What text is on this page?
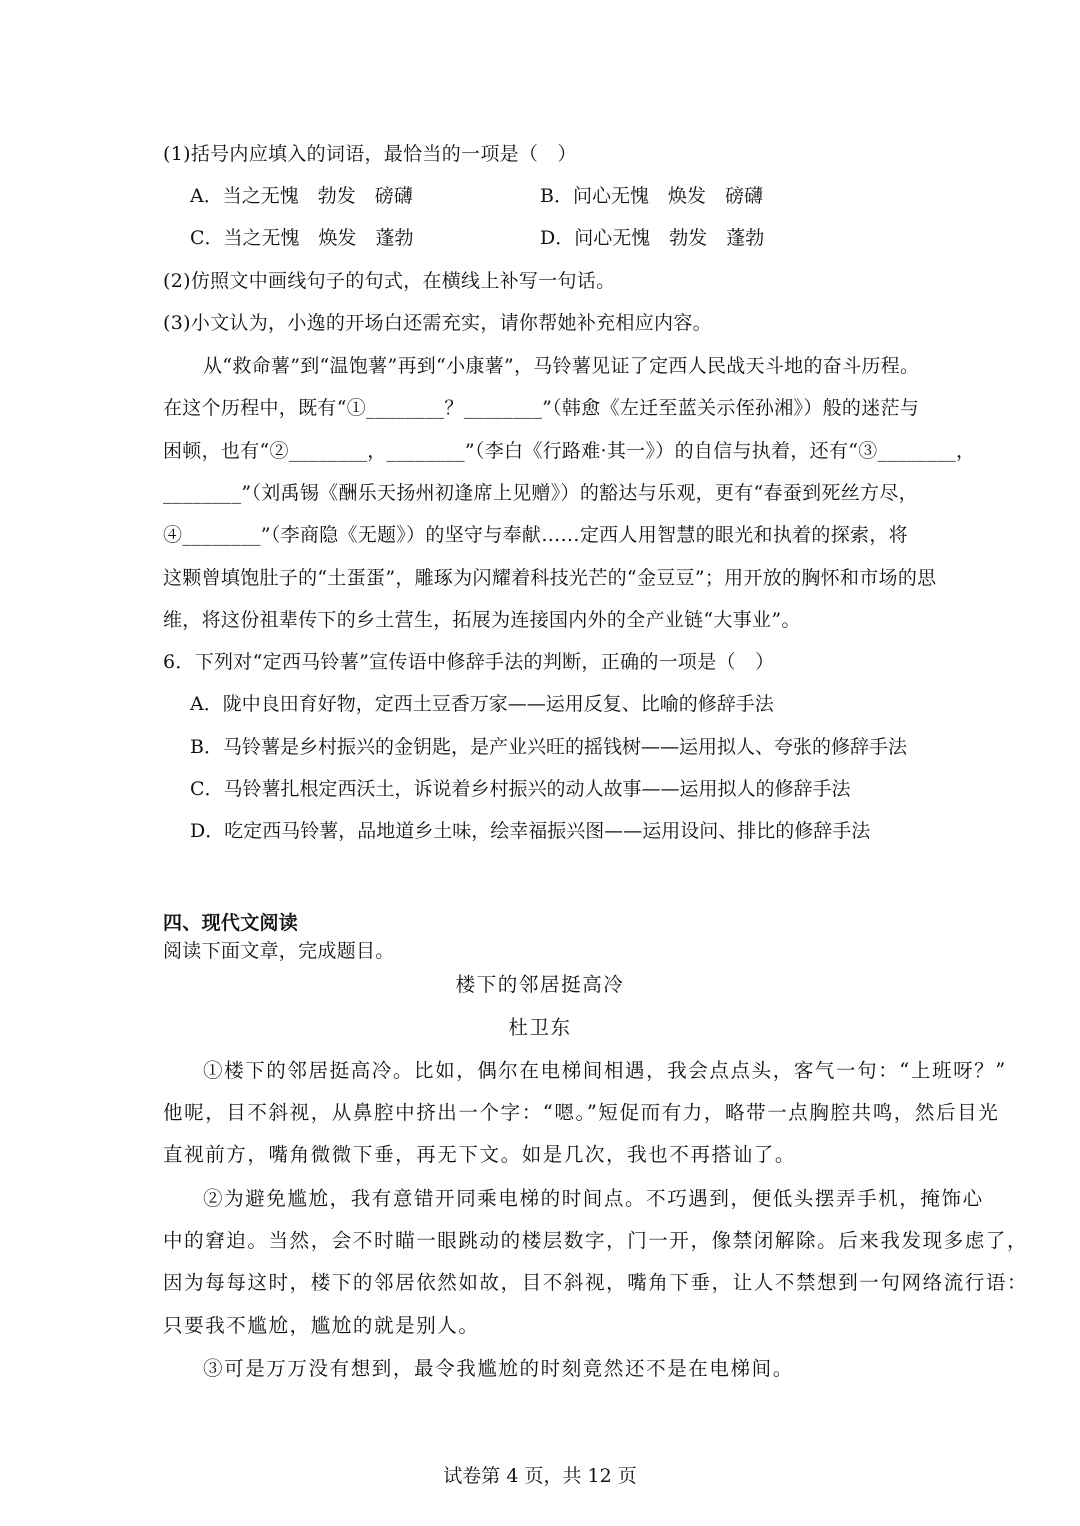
(1)括号内应填入的词语，最恰当的一项是（　）
A．当之无愧　勃发　磅礴	B．问心无愧　焕发　磅礴
C．当之无愧　焕发　蓬勃	D．问心无愧　勃发　蓬勃
(2)仿照文中画线句子的句式，在横线上补写一句话。
(3)小文认为，小逸的开场白还需充实，请你帮她补充相应内容。
从“救命薯”到“温饱薯”再到“小康薯”，马铃薯见证了定西人民战天斗地的奋斗历程。
在这个历程中，既有“①________？________”（韩愈《左迁至蓝关示侄孙湘》）般的迷茫与
困顿，也有“②________，________”（李白《行路难·其一》）的自信与执着，还有“③________，
________”（刘禹锡《酬乐天扬州初逢席上见赠》）的豁达与乐观，更有“春蚕到死丝方尽，
④________”（李商隐《无题》）的坚守与奉献……定西人用智慧的眼光和执着的探索，将
这颗曾填饱肚子的“土蛋蛋”，雕琢为闪耀着科技光芒的“金豆豆”；用开放的胸怀和市场的思
维，将这份祖辈传下的乡土营生，拓展为连接国内外的全产业链“大事业”。
6．下列对“定西马铃薯”宣传语中修辞手法的判断，正确的一项是（　）
A．陇中良田育好物，定西土豆香万家——运用反复、比喻的修辞手法
B．马铃薯是乡村振兴的金钥匙，是产业兴旺的摇钱树——运用拟人、夸张的修辞手法
C．马铃薯扎根定西沃土，诉说着乡村振兴的动人故事——运用拟人的修辞手法
D．吃定西马铃薯，品地道乡土味，绘幸福振兴图——运用设问、排比的修辞手法
四、现代文阅读
阅读下面文章，完成题目。
楼下的邻居挺高冷
杜卫东
①楼下的邻居挺高冷。比如，偶尔在电梯间相遇，我会点点头，客气一句：“上班呀？”
他呢，目不斜视，从鼻腔中挤出一个字：“嗯。”短促而有力，略带一点胸腔共鸣，然后目光
直视前方，嘴角微微下垂，再无下文。如是几次，我也不再搭讪了。
②为避免尴尬，我有意错开同乘电梯的时间点。不巧遇到，便低头摆弄手机，掩饰心
中的窘迫。当然，会不时瞄一眼跳动的楼层数字，门一开，像禁闭解除。后来我发现多虑了，
因为每每这时，楼下的邻居依然如故，目不斜视，嘴角下垂，让人不禁想到一句网络流行语：
只要我不尴尬，尴尬的就是别人。
③可是万万没有想到，最令我尴尬的时刻竟然还不是在电梯间。
试卷第 4 页，共 12 页
